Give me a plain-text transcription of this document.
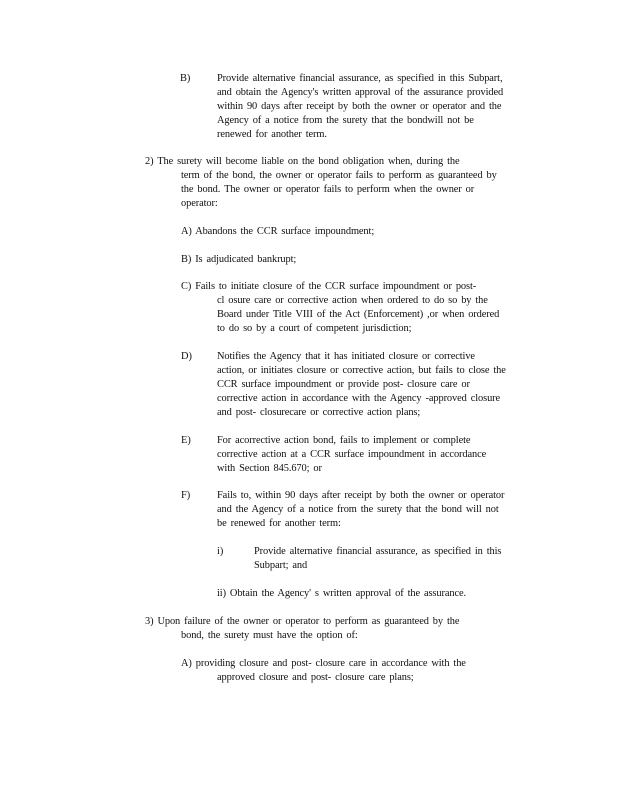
B)	Provide alternative financial assurance, as specified in this Subpart,
and obtain the Agency's written approval of the assurance provided
within 90 days after receipt by both the owner or operator and the
Agency of a notice from the surety that the bondwill not be
renewed for another term.
2) The surety will become liable on the bond obligation when, during the
term of the bond, the owner or operator fails to perform as guaranteed by
the bond. The owner or operator fails to perform when the owner or
operator:
A) Abandons the CCR surface impoundment;
B) Is adjudicated bankrupt;
C) Fails to initiate closure of the CCR surface impoundment or post-
cl osure care or corrective action when ordered to do so by the
Board under Title VIII of the Act (Enforcement) ,or when ordered
to do so by a court of competent jurisdiction;
D) Notifies the Agency that it has initiated closure or corrective
action, or initiates closure or corrective action, but fails to close the
CCR surface impoundment or provide post- closure care or
corrective action in accordance with the Agency -approved closure
and post- closurecare or corrective action plans;
E)	For acorrective action bond, fails to implement or complete
corrective action at a CCR surface impoundment in accordance
with Section 845.670; or
F)	Fails to, within 90 days after receipt by both the owner or operator
and the Agency of a notice from the surety that the bond will not
be renewed for another term:
i)	Provide alternative financial assurance, as specified in this
Subpart; and
ii) Obtain the Agency' s written approval of the assurance.
3) Upon failure of the owner or operator to perform as guaranteed by the
bond, the surety must have the option of:
A) providing closure and post- closure care in accordance with the
approved closure and post- closure care plans;
